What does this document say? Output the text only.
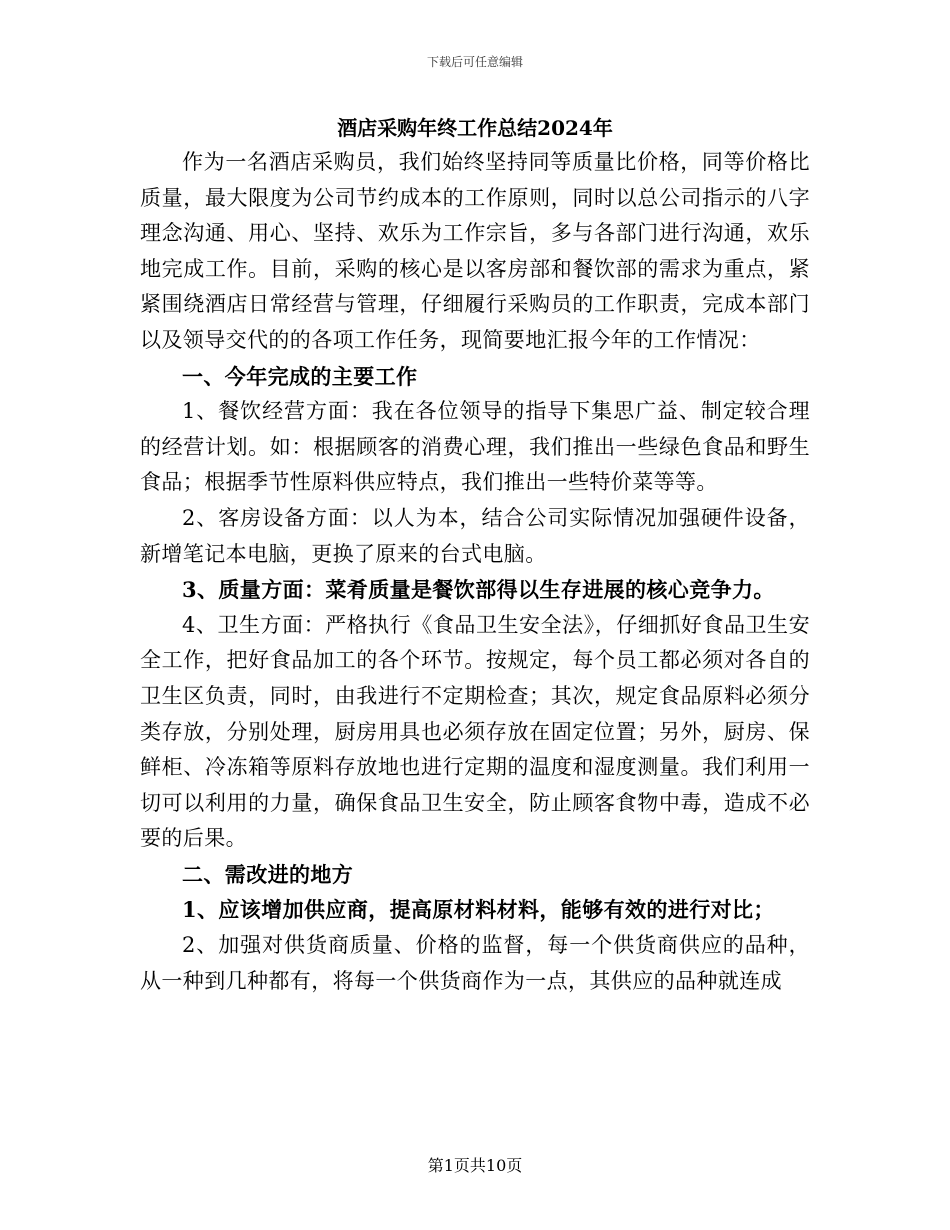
下载后可任意编辑
酒店采购年终工作总结2024年

作为一名酒店采购员，我们始终坚持同等质量比价格，同等价格比质量，最大限度为公司节约成本的工作原则，同时以总公司指示的八字理念沟通、用心、坚持、欢乐为工作宗旨，多与各部门进行沟通，欢乐地完成工作。目前，采购的核心是以客房部和餐饮部的需求为重点，紧紧围绕酒店日常经营与管理，仔细履行采购员的工作职责，完成本部门以及领导交代的的各项工作任务，现简要地汇报今年的工作情况：

一、今年完成的主要工作

1、餐饮经营方面：我在各位领导的指导下集思广益、制定较合理的经营计划。如：根据顾客的消费心理，我们推出一些绿色食品和野生食品；根据季节性原料供应特点，我们推出一些特价菜等等。

2、客房设备方面：以人为本，结合公司实际情况加强硬件设备，新增笔记本电脑，更换了原来的台式电脑。

3、质量方面：菜肴质量是餐饮部得以生存进展的核心竞争力。

4、卫生方面：严格执行《食品卫生安全法》，仔细抓好食品卫生安全工作，把好食品加工的各个环节。按规定，每个员工都必须对各自的卫生区负责，同时，由我进行不定期检查；其次，规定食品原料必须分类存放，分别处理，厨房用具也必须存放在固定位置；另外，厨房、保鲜柜、冷冻箱等原料存放地也进行定期的温度和湿度测量。我们利用一切可以利用的力量，确保食品卫生安全，防止顾客食物中毒，造成不必要的后果。

二、需改进的地方

1、应该增加供应商，提高原材料材料，能够有效的进行对比；

2、加强对供货商质量、价格的监督，每一个供货商供应的品种，从一种到几种都有，将每一个供货商作为一点，其供应的品种就连成

第1页共10页
